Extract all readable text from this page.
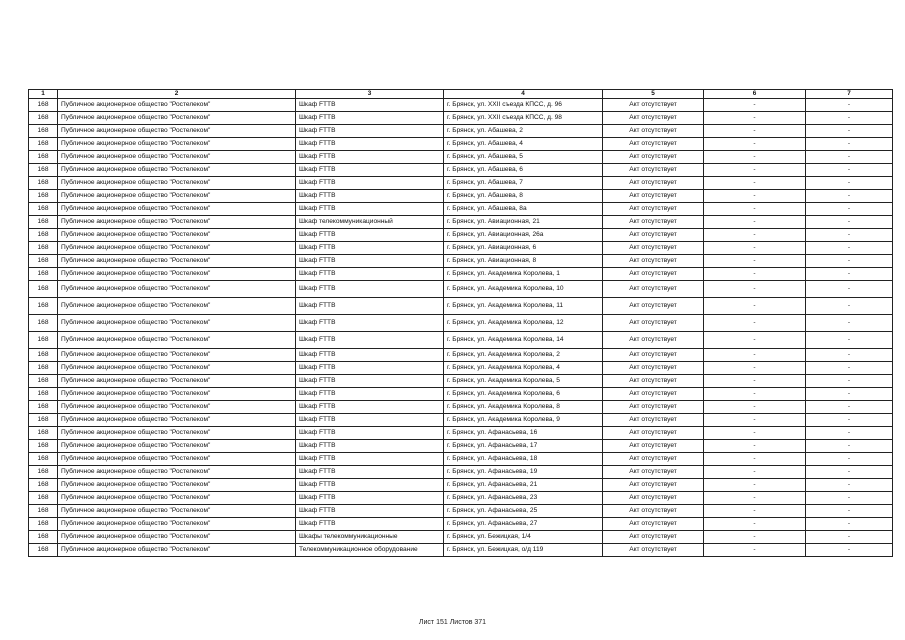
1	2	3	4	5	6	7
168	Публичное акционерное общество "Ростелеком"	Шкаф FTTB	г. Брянск, ул. XXII съезда КПСС, д. 96	Акт отсутствует	-	-
168	Публичное акционерное общество "Ростелеком"	Шкаф FTTB	г. Брянск, ул. XXII съезда КПСС, д. 98	Акт отсутствует	-	-
168	Публичное акционерное общество "Ростелеком"	Шкаф FTTB	г. Брянск, ул. Абашева, 2	Акт отсутствует	-	-
168	Публичное акционерное общество "Ростелеком"	Шкаф FTTB	г. Брянск, ул. Абашева, 4	Акт отсутствует	-	-
168	Публичное акционерное общество "Ростелеком"	Шкаф FTTB	г. Брянск, ул. Абашева, 5	Акт отсутствует	-	-
168	Публичное акционерное общество "Ростелеком"	Шкаф FTTB	г. Брянск, ул. Абашева, 6	Акт отсутствует	-	-
168	Публичное акционерное общество "Ростелеком"	Шкаф FTTB	г. Брянск, ул. Абашева, 7	Акт отсутствует	-	-
168	Публичное акционерное общество "Ростелеком"	Шкаф FTTB	г. Брянск, ул. Абашева, 8	Акт отсутствует	-	-
168	Публичное акционерное общество "Ростелеком"	Шкаф FTTB	г. Брянск, ул. Абашева, 8а	Акт отсутствует	-	-
168	Публичное акционерное общество "Ростелеком"	Шкаф телекоммуникационный	г. Брянск, ул. Авиационная, 21	Акт отсутствует	-	-
168	Публичное акционерное общество "Ростелеком"	Шкаф FTTB	г. Брянск, ул. Авиационная, 26а	Акт отсутствует	-	-
168	Публичное акционерное общество "Ростелеком"	Шкаф FTTB	г. Брянск, ул. Авиационная, 6	Акт отсутствует	-	-
168	Публичное акционерное общество "Ростелеком"	Шкаф FTTB	г. Брянск, ул. Авиационная, 8	Акт отсутствует	-	-
168	Публичное акционерное общество "Ростелеком"	Шкаф FTTB	г. Брянск, ул. Академика Королева, 1	Акт отсутствует	-	-
168	Публичное акционерное общество "Ростелеком"	Шкаф FTTB	г. Брянск, ул. Академика Королева, 10	Акт отсутствует	-	-
168	Публичное акционерное общество "Ростелеком"	Шкаф FTTB	г. Брянск, ул. Академика Королева, 11	Акт отсутствует	-	-
168	Публичное акционерное общество "Ростелеком"	Шкаф FTTB	г. Брянск, ул. Академика Королева, 12	Акт отсутствует	-	-
168	Публичное акционерное общество "Ростелеком"	Шкаф FTTB	г. Брянск, ул. Академика Королева, 14	Акт отсутствует	-	-
168	Публичное акционерное общество "Ростелеком"	Шкаф FTTB	г. Брянск, ул. Академика Королева, 2	Акт отсутствует	-	-
168	Публичное акционерное общество "Ростелеком"	Шкаф FTTB	г. Брянск, ул. Академика Королева, 4	Акт отсутствует	-	-
168	Публичное акционерное общество "Ростелеком"	Шкаф FTTB	г. Брянск, ул. Академика Королева, 5	Акт отсутствует	-	-
168	Публичное акционерное общество "Ростелеком"	Шкаф FTTB	г. Брянск, ул. Академика Королева, 6	Акт отсутствует	-	-
168	Публичное акционерное общество "Ростелеком"	Шкаф FTTB	г. Брянск, ул. Академика Королева, 8	Акт отсутствует	-	-
168	Публичное акционерное общество "Ростелеком"	Шкаф FTTB	г. Брянск, ул. Академика Королева, 9	Акт отсутствует	-	-
168	Публичное акционерное общество "Ростелеком"	Шкаф FTTB	г. Брянск, ул. Афанасьева, 16	Акт отсутствует	-	-
168	Публичное акционерное общество "Ростелеком"	Шкаф FTTB	г. Брянск, ул. Афанасьева, 17	Акт отсутствует	-	-
168	Публичное акционерное общество "Ростелеком"	Шкаф FTTB	г. Брянск, ул. Афанасьева, 18	Акт отсутствует	-	-
168	Публичное акционерное общество "Ростелеком"	Шкаф FTTB	г. Брянск, ул. Афанасьева, 19	Акт отсутствует	-	-
168	Публичное акционерное общество "Ростелеком"	Шкаф FTTB	г. Брянск, ул. Афанасьева, 21	Акт отсутствует	-	-
168	Публичное акционерное общество "Ростелеком"	Шкаф FTTB	г. Брянск, ул. Афанасьева, 23	Акт отсутствует	-	-
168	Публичное акционерное общество "Ростелеком"	Шкаф FTTB	г. Брянск, ул. Афанасьева, 25	Акт отсутствует	-	-
168	Публичное акционерное общество "Ростелеком"	Шкаф FTTB	г. Брянск, ул. Афанасьева, 27	Акт отсутствует	-	-
168	Публичное акционерное общество "Ростелеком"	Шкафы телекоммуникационные	г. Брянск, ул. Бежицкая, 1/4	Акт отсутствует	-	-
168	Публичное акционерное общество "Ростелеком"	Телекоммуникационное оборудование	г. Брянск, ул. Бежицкая, о/д 119	Акт отсутствует	-	-
Лист 151 Листов 371
